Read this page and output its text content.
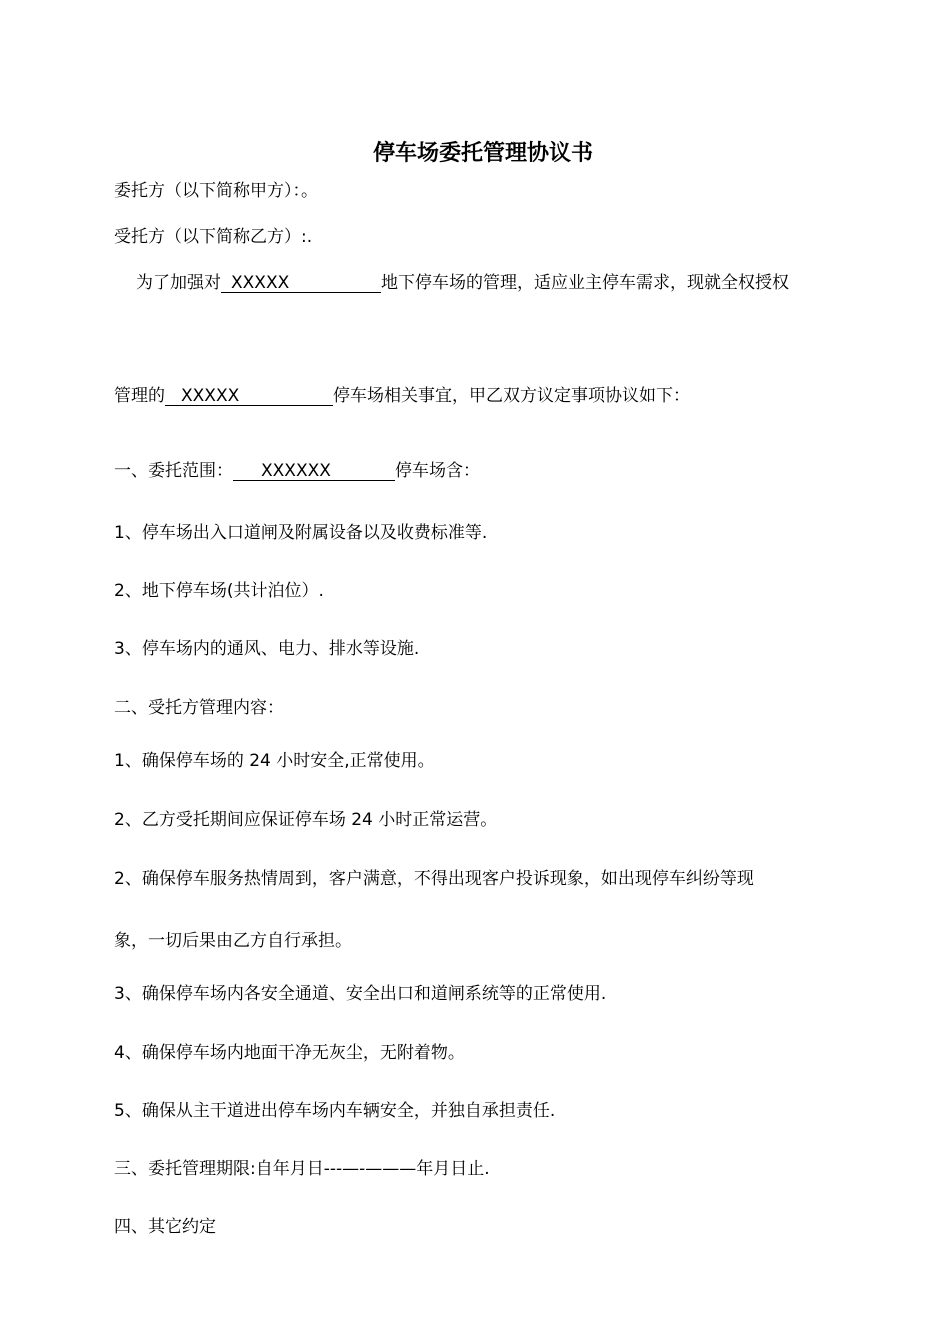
停车场委托管理协议书
委托方（以下简称甲方）：。
受托方（以下简称乙方）:.
为了加强对 XXXXX	地下停车场的管理，适应业主停车需求，现就全权授权
管理的 XXXXX	停车场相关事宜，甲乙双方议定事项协议如下：
一、委托范围： XXXXXX	停车场含：
1、停车场出入口道闸及附属设备以及收费标准等.
2、地下停车场(共计泊位）.
3、停车场内的通风、电力、排水等设施.
二、受托方管理内容：
1、确保停车场的 24 小时安全,正常使用。
2、乙方受托期间应保证停车场 24 小时正常运营。
2、确保停车服务热情周到，客户满意，不得出现客户投诉现象，如出现停车纠纷等现
象，一切后果由乙方自行承担。
3、确保停车场内各安全通道、安全出口和道闸系统等的正常使用.
4、确保停车场内地面干净无灰尘，无附着物。
5、确保从主干道进出停车场内车辆安全，并独自承担责任.
三、委托管理期限:自年月日---—-———年月日止.
四、其它约定
